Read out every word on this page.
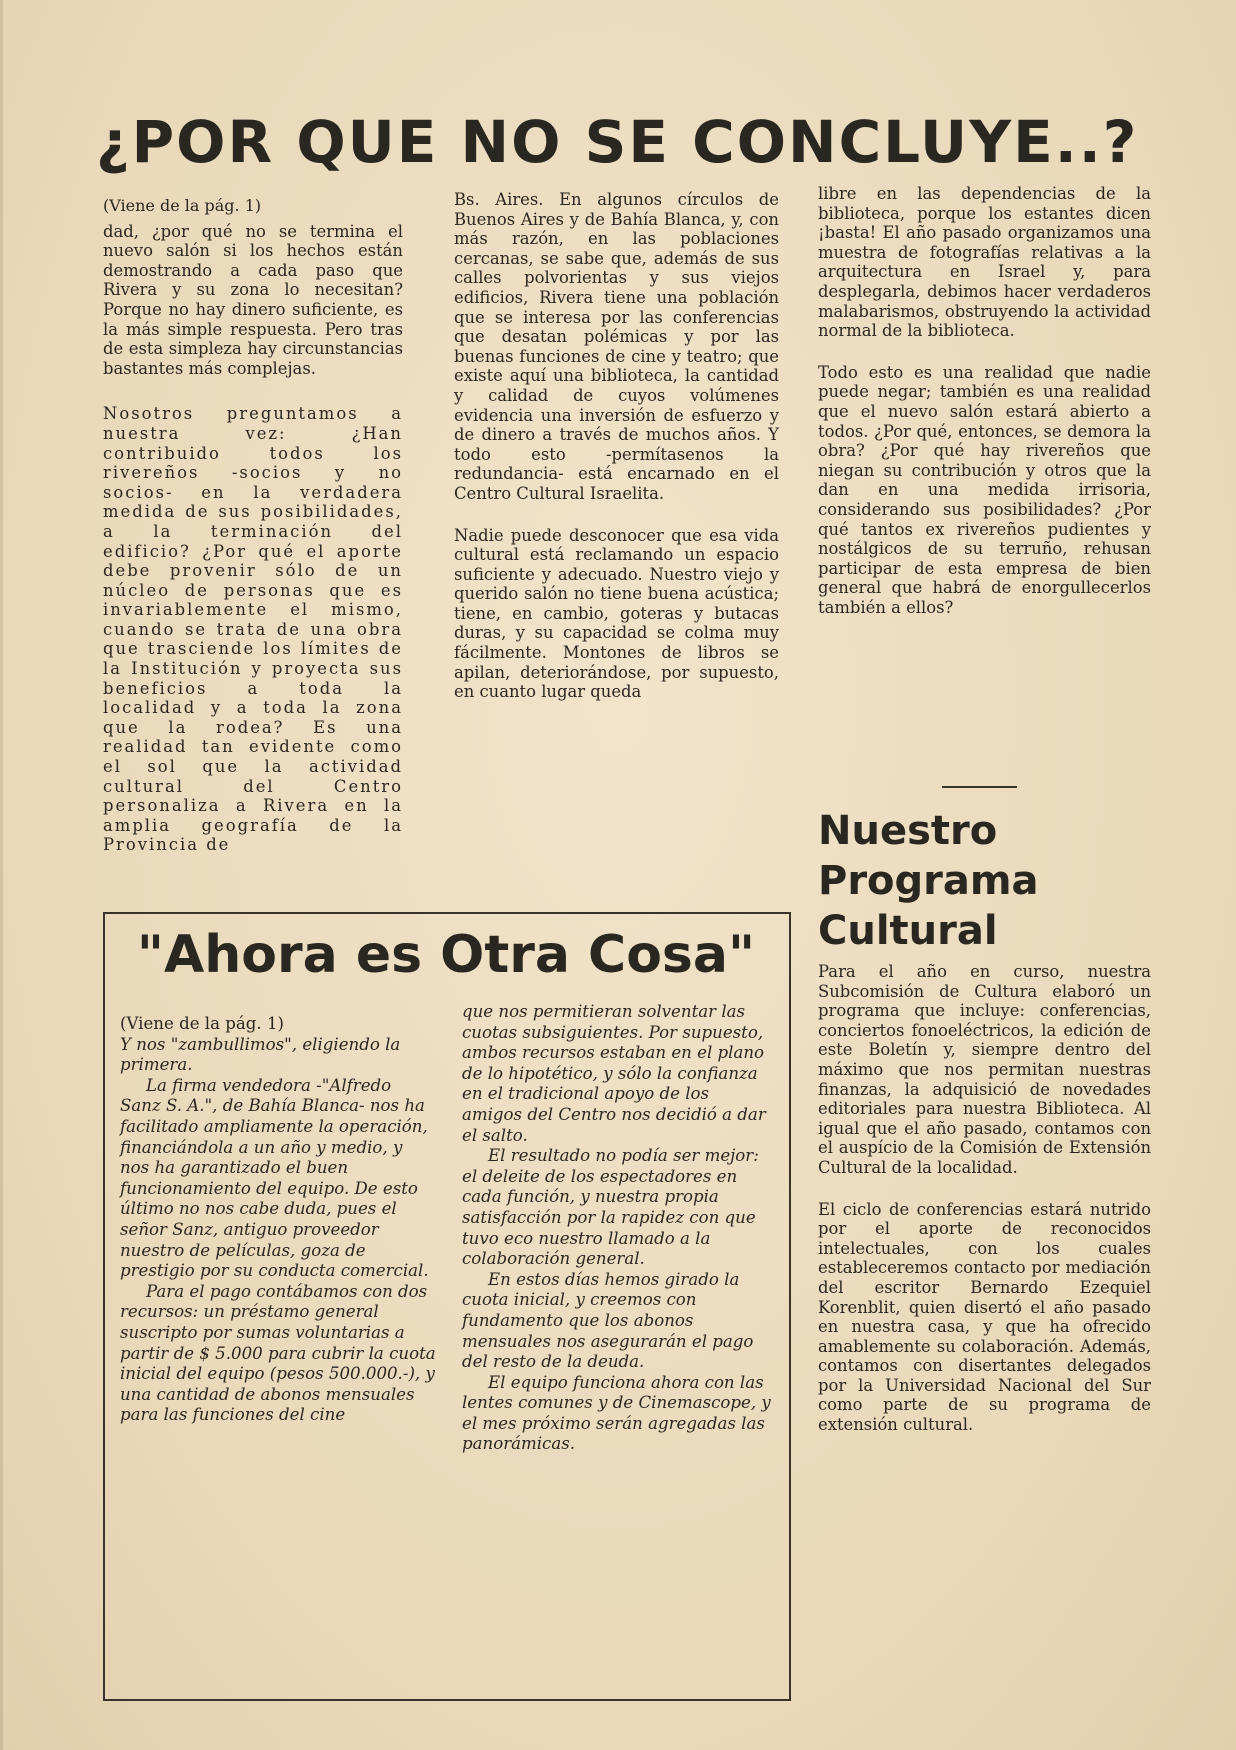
¿POR QUE NO SE CONCLUYE..?

(Viene de la pág. 1)

dad, ¿por qué no se termina el nuevo salón si los hechos están demostrando a cada paso que Rivera y su zona lo necesitan? Porque no hay dinero suficiente, es la más simple respuesta. Pero tras de esta simpleza hay circunstancias bastantes más complejas.

Nosotros preguntamos a nuestra vez: ¿Han contribuido todos los rivereños -socios y no socios- en la verdadera medida de sus posibilidades, a la terminación del edificio? ¿Por qué el aporte debe provenir sólo de un núcleo de personas que es invariablemente el mismo, cuando se trata de una obra que trasciende los límites de la Institución y proyecta sus beneficios a toda la localidad y a toda la zona que la rodea? Es una realidad tan evidente como el sol que la actividad cultural del Centro personaliza a Rivera en la amplia geografía de la Provincia de

Bs. Aires. En algunos círculos de Buenos Aires y de Bahía Blanca, y, con más razón, en las poblaciones cercanas, se sabe que, además de sus calles polvorientas y sus viejos edificios, Rivera tiene una población que se interesa por las conferencias que desatan polémicas y por las buenas funciones de cine y teatro; que existe aquí una biblioteca, la cantidad y calidad de cuyos volúmenes evidencia una inversión de esfuerzo y de dinero a través de muchos años. Y todo esto -permítasenos la redundancia- está encarnado en el Centro Cultural Israelita.

Nadie puede desconocer que esa vida cultural está reclamando un espacio suficiente y adecuado. Nuestro viejo y querido salón no tiene buena acústica; tiene, en cambio, goteras y butacas duras, y su capacidad se colma muy fácilmente. Montones de libros se apilan, deteriorándose, por supuesto, en cuanto lugar queda

libre en las dependencias de la biblioteca, porque los estantes dicen ¡basta! El año pasado organizamos una muestra de fotografías relativas a la arquitectura en Israel y, para desplegarla, debimos hacer verdaderos malabarismos, obstruyendo la actividad normal de la biblioteca.

Todo esto es una realidad que nadie puede negar; también es una realidad que el nuevo salón estará abierto a todos. ¿Por qué, entonces, se demora la obra? ¿Por qué hay rivereños que niegan su contribución y otros que la dan en una medida irrisoria, considerando sus posibilidades? ¿Por qué tantos ex rivereños pudientes y nostálgicos de su terruño, rehusan participar de esta empresa de bien general que habrá de enorgullecerlos también a ellos?

"Ahora es Otra Cosa"

(Viene de la pág. 1)

Y nos "zambullimos", eligiendo la primera.

La firma vendedora -"Alfredo Sanz S. A.", de Bahía Blanca- nos ha facilitado ampliamente la operación, financiándola a un año y medio, y nos ha garantizado el buen funcionamiento del equipo. De esto último no nos cabe duda, pues el señor Sanz, antiguo proveedor nuestro de películas, goza de prestigio por su conducta comercial.

Para el pago contábamos con dos recursos: un préstamo general suscripto por sumas voluntarias a partir de $ 5.000 para cubrir la cuota inicial del equipo (pesos 500.000.-), y una cantidad de abonos mensuales para las funciones del cine

que nos permitieran solventar las cuotas subsiguientes. Por supuesto, ambos recursos estaban en el plano de lo hipotético, y sólo la confianza en el tradicional apoyo de los amigos del Centro nos decidió a dar el salto.

El resultado no podía ser mejor: el deleite de los espectadores en cada función, y nuestra propia satisfacción por la rapidez con que tuvo eco nuestro llamado a la colaboración general.

En estos días hemos girado la cuota inicial, y creemos con fundamento que los abonos mensuales nos asegurarán el pago del resto de la deuda.

El equipo funciona ahora con las lentes comunes y de Cinemascope, y el mes próximo serán agregadas las panorámicas.

Nuestro
Programa
Cultural

Para el año en curso, nuestra Subcomisión de Cultura elaboró un programa que incluye: conferencias, conciertos fonoeléctricos, la edición de este Boletín y, siempre dentro del máximo que nos permitan nuestras finanzas, la adquisició de novedades editoriales para nuestra Biblioteca. Al igual que el año pasado, contamos con el auspício de la Comisión de Extensión Cultural de la localidad.

El ciclo de conferencias estará nutrido por el aporte de reconocidos intelectuales, con los cuales estableceremos contacto por mediación del escritor Bernardo Ezequiel Korenblit, quien disertó el año pasado en nuestra casa, y que ha ofrecido amablemente su colaboración. Además, contamos con disertantes delegados por la Universidad Nacional del Sur como parte de su programa de extensión cultural.
